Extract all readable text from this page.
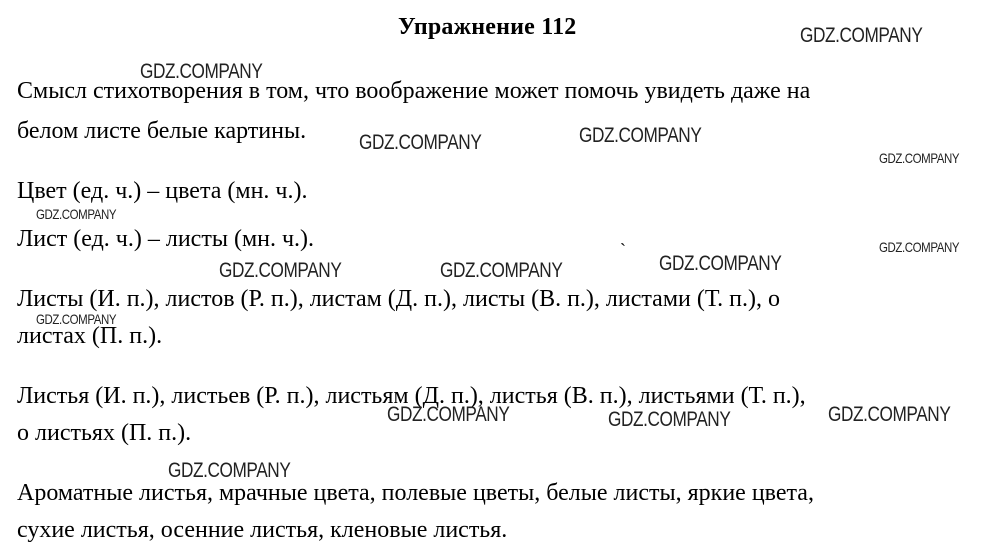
Упражнение 112
Смысл стихотворения в том, что воображение может помочь увидеть даже на
белом листе белые картины.
Цвет (ед. ч.) – цвета (мн. ч.).
Лист (ед. ч.) – листы (мн. ч.).
Листы (И. п.), листов (Р. п.), листам (Д. п.), листы (В. п.), листами (Т. п.), о
листах (П. п.).
Листья (И. п.), листьев (Р. п.), листьям (Д. п.), листья (В. п.), листьями (Т. п.),
о листьях (П. п.).
Ароматные листья, мрачные цвета, полевые цветы, белые листы, яркие цвета,
сухие листья, осенние листья, кленовые листья.
ˋ
GDZ.COMPANY
GDZ.COMPANY
GDZ.COMPANY	GDZ.COMPANY
GDZ.COMPANY
GDZ.COMPANY
GDZ.COMPANY
GDZ.COMPANY
GDZ.COMPANY	GDZ.COMPANY
GDZ.COMPANY
GDZ.COMPANY	GDZ.COMPANY	GDZ.COMPANY
GDZ.COMPANY
